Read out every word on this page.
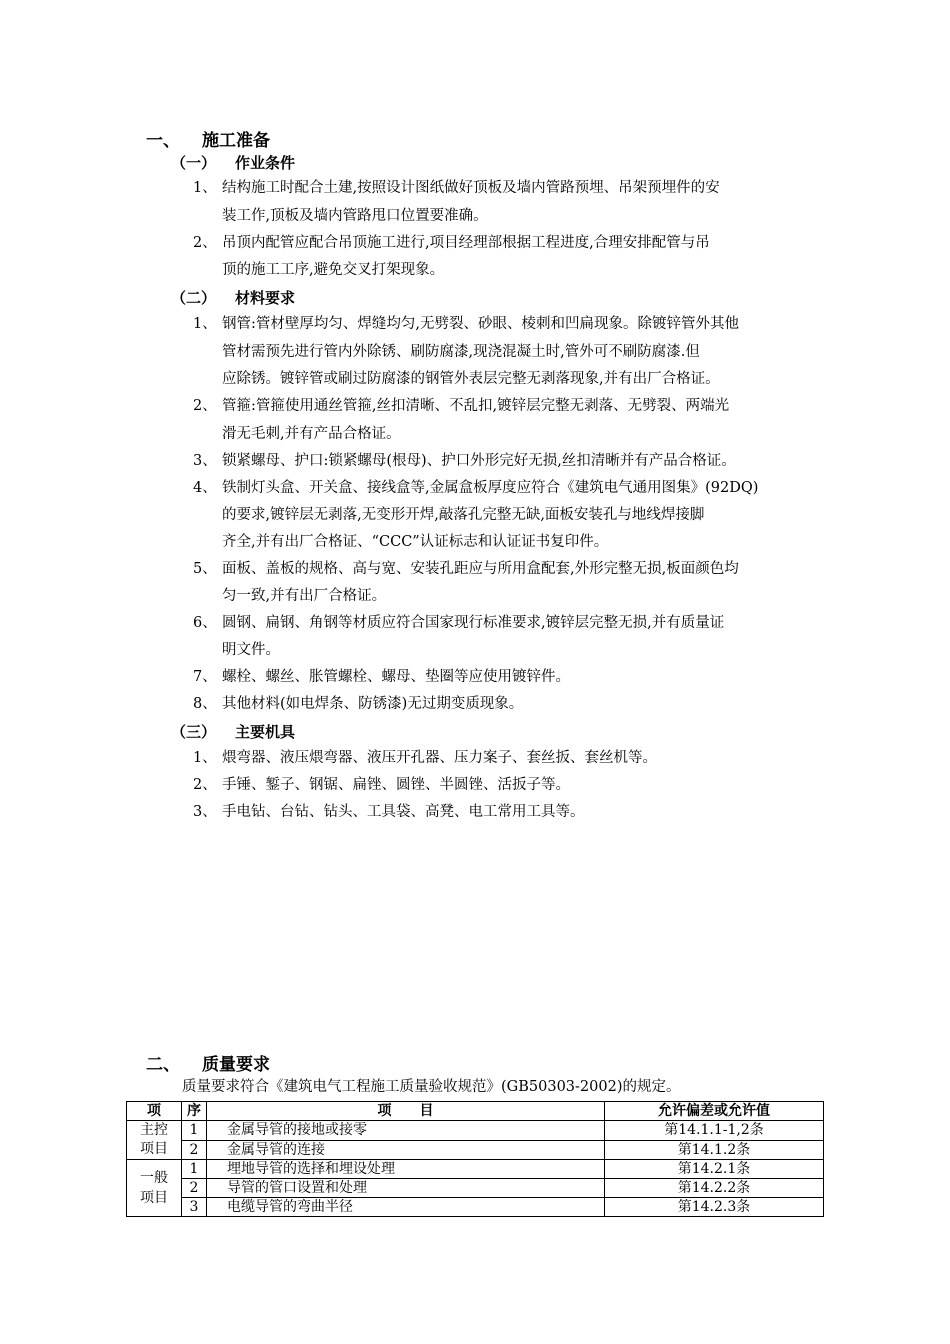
一、 施工准备
（一） 作业条件
1、 结构施工时配合土建,按照设计图纸做好顶板及墙内管路预埋、吊架预埋件的安
装工作,顶板及墙内管路甩口位置要准确。
2、 吊顶内配管应配合吊顶施工进行,项目经理部根据工程进度,合理安排配管与吊
顶的施工工序,避免交叉打架现象。
（二） 材料要求
1、 钢管:管材壁厚均匀、焊缝均匀,无劈裂、砂眼、棱刺和凹扁现象。除镀锌管外其他
管材需预先进行管内外除锈、刷防腐漆,现浇混凝土时,管外可不刷防腐漆.但
应除锈。镀锌管或刷过防腐漆的钢管外表层完整无剥落现象,并有出厂合格证。
2、 管箍:管箍使用通丝管箍,丝扣清晰、不乱扣,镀锌层完整无剥落、无劈裂、两端光
滑无毛刺,并有产品合格证。
3、 锁紧螺母、护口:锁紧螺母(根母)、护口外形完好无损,丝扣清晰并有产品合格证。
4、 铁制灯头盒、开关盒、接线盒等,金属盒板厚度应符合《建筑电气通用图集》(92DQ)
的要求,镀锌层无剥落,无变形开焊,敲落孔完整无缺,面板安装孔与地线焊接脚
齐全,并有出厂合格证、“CCC”认证标志和认证证书复印件。
5、 面板、盖板的规格、高与宽、安装孔距应与所用盒配套,外形完整无损,板面颜色均
匀一致,并有出厂合格证。
6、 圆钢、扁钢、角钢等材质应符合国家现行标准要求,镀锌层完整无损,并有质量证
明文件。
7、 螺栓、螺丝、胀管螺栓、螺母、垫圈等应使用镀锌件。
8、 其他材料(如电焊条、防锈漆)无过期变质现象。
（三） 主要机具
1、 煨弯器、液压煨弯器、液压开孔器、压力案子、套丝扳、套丝机等。
2、 手锤、錾子、钢锯、扁锉、圆锉、半圆锉、活扳子等。
3、 手电钻、台钻、钻头、工具袋、高凳、电工常用工具等。
二、 质量要求
质量要求符合《建筑电气工程施工质量验收规范》(GB50303-2002)的规定。
项	序	项　　目	允许偏差或允许值
主控
项目	1	金属导管的接地或接零	第14.1.1-1,2条
	2	金属导管的连接	第14.1.2条
一般
项目	1	埋地导管的选择和埋设处理	第14.2.1条
	2	导管的管口设置和处理	第14.2.2条
	3	电缆导管的弯曲半径	第14.2.3条
